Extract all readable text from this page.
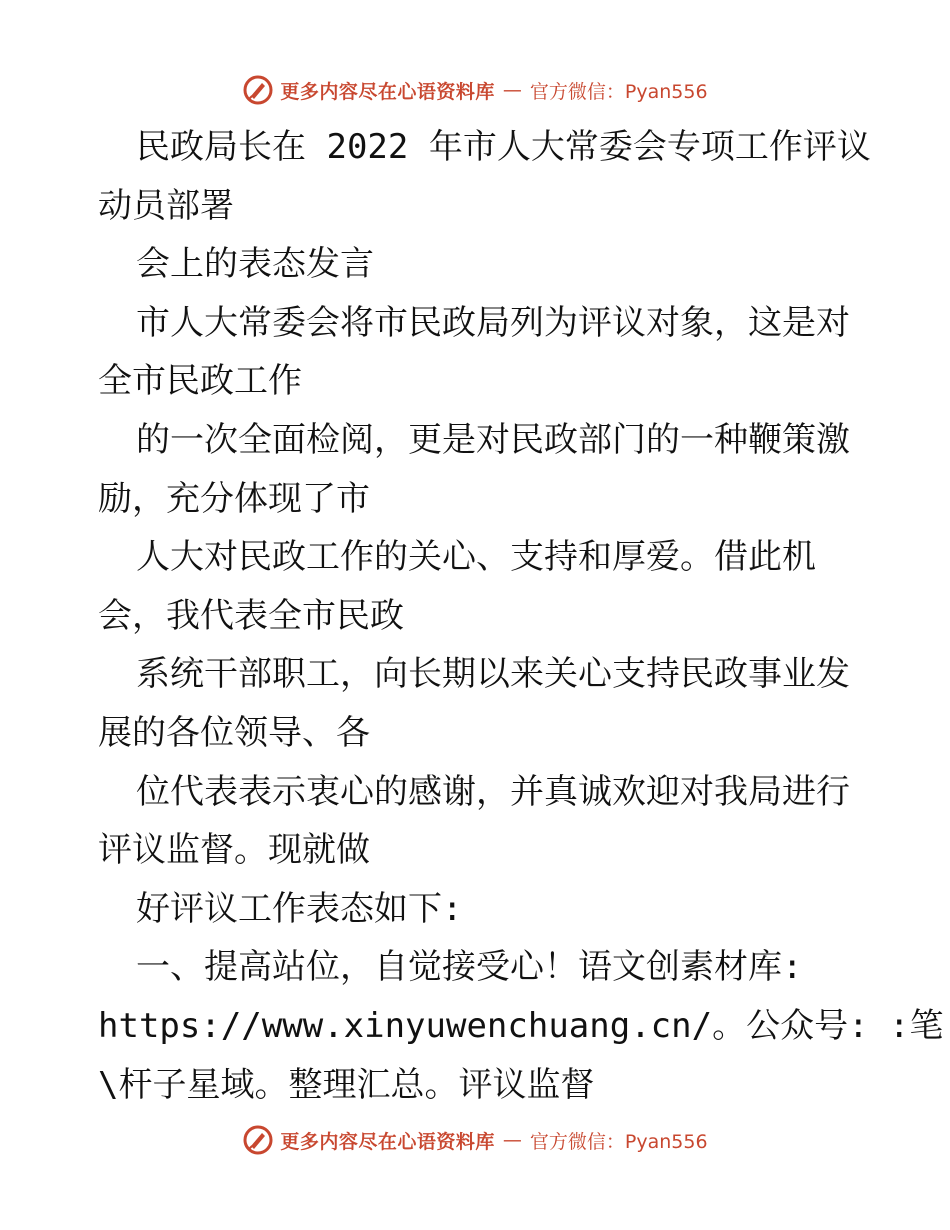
更多内容尽在心语资料库 — 官方微信：Pyan556
民政局长在 2022 年市人大常委会专项工作评议
动员部署
会上的表态发言
市人大常委会将市民政局列为评议对象，这是对
全市民政工作
的一次全面检阅，更是对民政部门的一种鞭策激
励，充分体现了市
人大对民政工作的关心、支持和厚爱。借此机
会，我代表全市民政
系统干部职工，向长期以来关心支持民政事业发
展的各位领导、各
位代表表示衷心的感谢，并真诚欢迎对我局进行
评议监督。现就做
好评议工作表态如下:
一、提高站位，自觉接受心！语文创素材库:
https://www.xinyuwenchuang.cn/。公众号: :笔
\杆子星域。整理汇总。评议监督
更多内容尽在心语资料库 — 官方微信：Pyan556
